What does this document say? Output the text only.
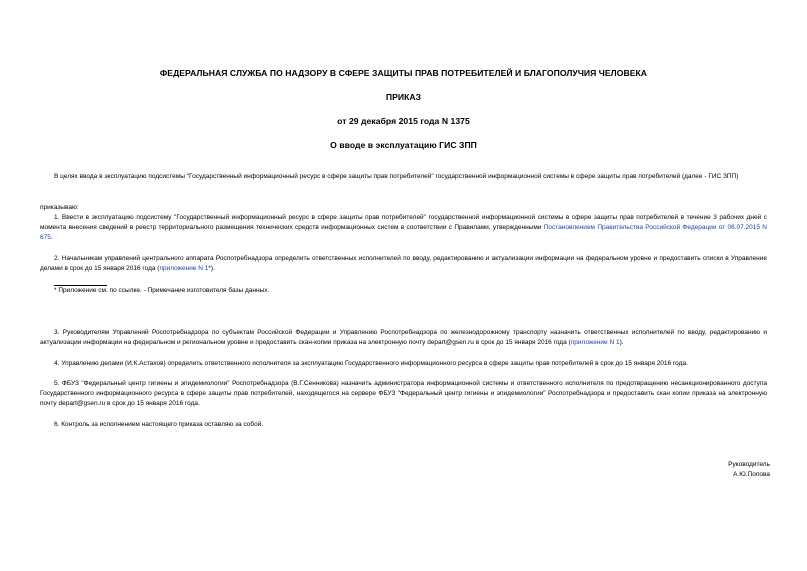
ФЕДЕРАЛЬНАЯ СЛУЖБА ПО НАДЗОРУ В СФЕРЕ ЗАЩИТЫ ПРАВ ПОТРЕБИТЕЛЕЙ И БЛАГОПОЛУЧИЯ ЧЕЛОВЕКА
ПРИКАЗ
от 29 декабря 2015 года N 1375
О вводе в эксплуатацию ГИС ЗПП
В целях ввода в эксплуатацию подсистемы "Государственный информационный ресурс в сфере защиты прав потребителей" государственной информационной системы в сфере защиты прав потребителей (далее - ГИС ЗПП)
приказываю:
1. Ввести в эксплуатацию подсистему "Государственный информационный ресурс в сфере защиты прав потребителей" государственной информационной системы в сфере защиты прав потребителей в течение 3 рабочих дней с момента внесения сведений в реестр территориального размещения технических средств информационных систем в соответствии с Правилами, утвержденными Постановлением Правительства Российской Федерации от 06.07.2015 N 675.
2. Начальникам управлений центрального аппарата Роспотребнадзора определить ответственных исполнителей по вводу, редактированию и актуализации информации на федеральном уровне и предоставить списки в Управление делами в срок до 15 января 2016 года (приложение N 1*).
* Приложение см. по ссылке. - Примечание изготовителя базы данных.
3. Руководителям Управлений Роспотребнадзора по субъектам Российской Федерации и Управлению Роспотребнадзора по железнодорожному транспорту назначить ответственных исполнителей по вводу, редактированию и актуализации информации на федеральном и региональном уровне и предоставить скан-копии приказа на электронную почту depart@gsen.ru в срок до 15 января 2016 года (приложение N 1).
4. Управлению делами (И.К.Астахов) определить ответственного исполнителя за эксплуатацию Государственного информационного ресурса в сфере защиты прав потребителей в срок до 15 января 2016 года.
5. ФБУЗ "Федеральный центр гигиены и эпидемиологии" Роспотребнадзора (В.Г.Сенникова) назначить администратора информационной системы и ответственного исполнителя по предотвращению несанкционированного доступа Государственного информационного ресурса в сфере защиты прав потребителей, находящегося на сервере ФБУЗ "Федеральный центр гигиены и эпидемиологии" Роспотребнадзора и предоставить скан копии приказа на электронную почту depart@gsen.ru в срок до 15 января 2016 года.
6. Контроль за исполнением настоящего приказа оставляю за собой.
Руководитель
А.Ю.Попова
